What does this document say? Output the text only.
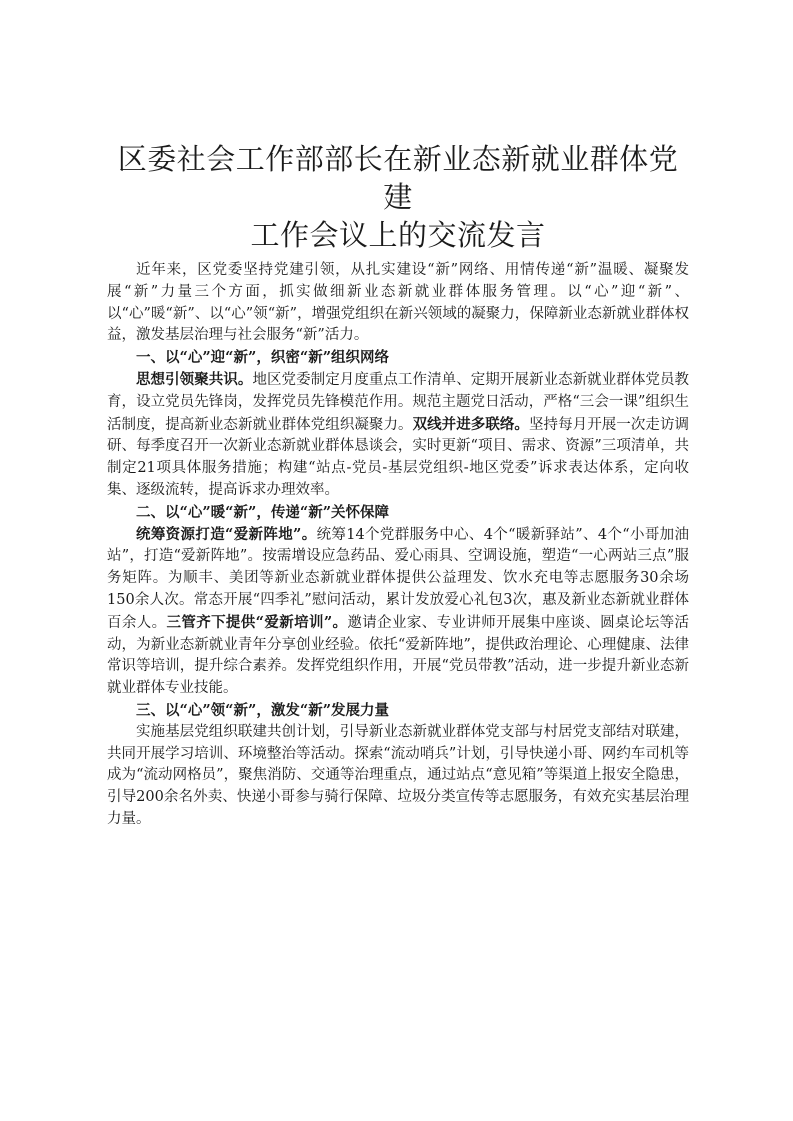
区委社会工作部部长在新业态新就业群体党建
工作会议上的交流发言

近年来，区党委坚持党建引领，从扎实建设“新”网络、用情传递“新”温暖、凝聚发展“新”力量三个方面，抓实做细新业态新就业群体服务管理。以“心”迎“新”、以“心”暖“新”、以“心”领“新”，增强党组织在新兴领域的凝聚力，保障新业态新就业群体权益，激发基层治理与社会服务“新”活力。

一、以“心”迎“新”，织密“新”组织网络

思想引领聚共识。地区党委制定月度重点工作清单、定期开展新业态新就业群体党员教育，设立党员先锋岗，发挥党员先锋模范作用。规范主题党日活动，严格“三会一课”组织生活制度，提高新业态新就业群体党组织凝聚力。双线并进多联络。坚持每月开展一次走访调研、每季度召开一次新业态新就业群体恳谈会，实时更新“项目、需求、资源”三项清单，共制定21项具体服务措施；构建“站点-党员-基层党组织-地区党委”诉求表达体系，定向收集、逐级流转，提高诉求办理效率。

二、以“心”暖“新”，传递“新”关怀保障

统筹资源打造“爱新阵地”。统筹14个党群服务中心、4个“暖新驿站”、4个“小哥加油站”，打造“爱新阵地”。按需增设应急药品、爱心雨具、空调设施，塑造“一心两站三点”服务矩阵。为顺丰、美团等新业态新就业群体提供公益理发、饮水充电等志愿服务30余场150余人次。常态开展“四季礼”慰问活动，累计发放爱心礼包3次，惠及新业态新就业群体百余人。三管齐下提供“爱新培训”。邀请企业家、专业讲师开展集中座谈、圆桌论坛等活动，为新业态新就业青年分享创业经验。依托“爱新阵地”，提供政治理论、心理健康、法律常识等培训，提升综合素养。发挥党组织作用，开展“党员带教”活动，进一步提升新业态新就业群体专业技能。

三、以“心”领“新”，激发“新”发展力量

实施基层党组织联建共创计划，引导新业态新就业群体党支部与村居党支部结对联建，共同开展学习培训、环境整治等活动。探索“流动哨兵”计划，引导快递小哥、网约车司机等成为“流动网格员”，聚焦消防、交通等治理重点，通过站点“意见箱”等渠道上报安全隐患，引导200余名外卖、快递小哥参与骑行保障、垃圾分类宣传等志愿服务，有效充实基层治理力量。
